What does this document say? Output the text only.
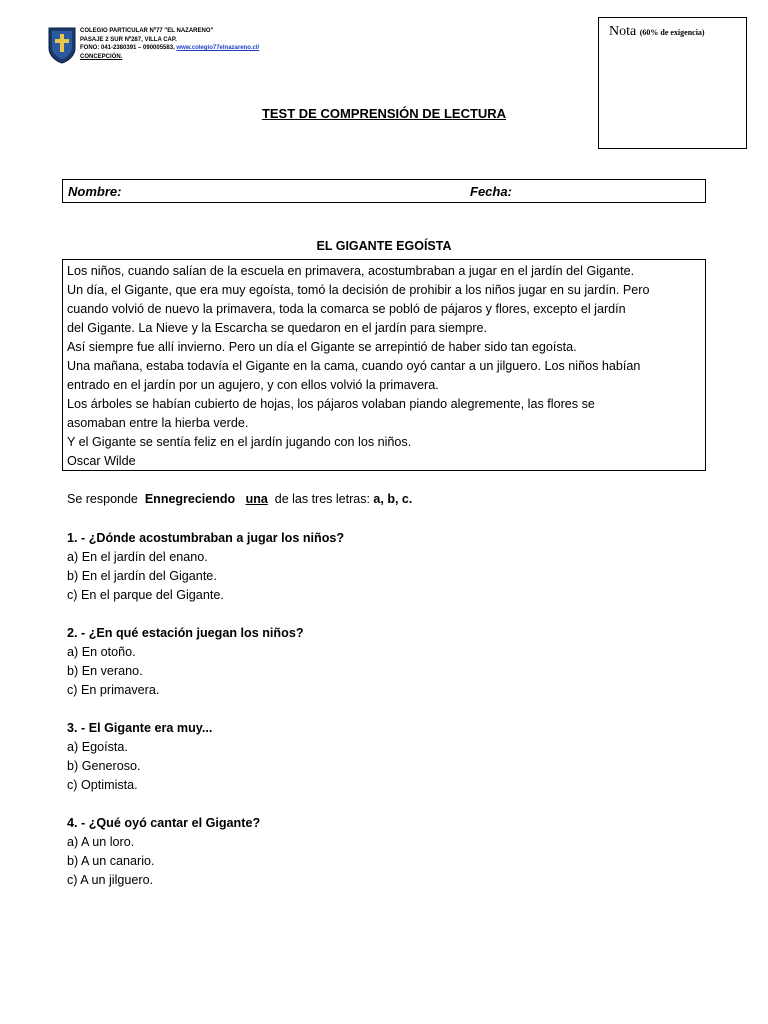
COLEGIO PARTICULAR Nº77 "EL NAZARENO"
PASAJE 2 SUR Nº287, VILLA CAP.
FONO: 041-2380391 – 090005583, www.colegio77elnazareno.cl/
CONCEPCIÓN.
Nota (60% de exigencia)
TEST DE COMPRENSIÓN DE LECTURA
Nombre:	Fecha:
EL GIGANTE EGOÍSTA
Los niños, cuando salían de la escuela en primavera, acostumbraban a jugar en el jardín del Gigante.
Un día, el Gigante, que era muy egoísta, tomó la decisión de prohibir a los niños jugar en su jardín. Pero
cuando volvió de nuevo la primavera, toda la comarca se pobló de pájaros y flores, excepto el jardín
del Gigante. La Nieve y la Escarcha se quedaron en el jardín para siempre.
Así siempre fue allí invierno. Pero un día el Gigante se arrepintió de haber sido tan egoísta.
Una mañana, estaba todavía el Gigante en la cama, cuando oyó cantar a un jilguero. Los niños habían
entrado en el jardín por un agujero, y con ellos volvió la primavera.
Los árboles se habían cubierto de hojas, los pájaros volaban piando alegremente, las flores se
asomaban entre la hierba verde.
Y el Gigante se sentía feliz en el jardín jugando con los niños.
Oscar Wilde
Se responde Ennegreciendo una de las tres letras: a, b, c.
1. - ¿Dónde acostumbraban a jugar los niños?
a) En el jardín del enano.
b) En el jardín del Gigante.
c) En el parque del Gigante.
2. - ¿En qué estación juegan los niños?
a) En otoño.
b) En verano.
c) En primavera.
3. - El Gigante era muy...
a) Egoísta.
b) Generoso.
c) Optimista.
4. - ¿Qué oyó cantar el Gigante?
a) A un loro.
b) A un canario.
c) A un jilguero.
